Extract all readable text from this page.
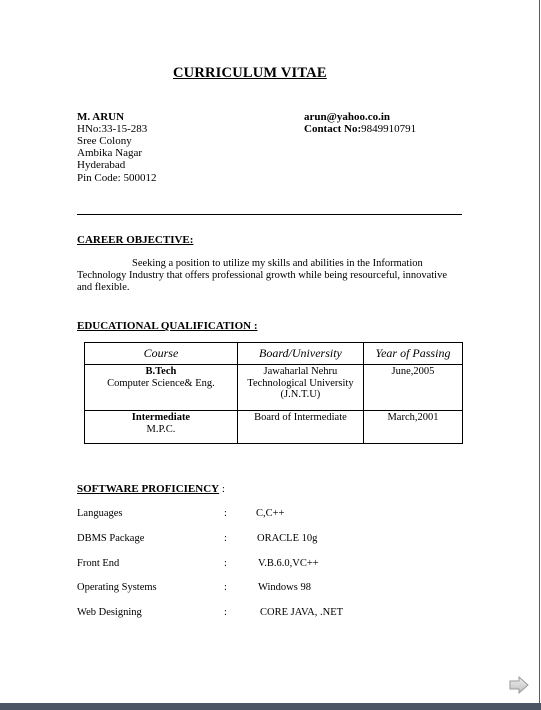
CURRICULUM VITAE
M. ARUN
HNo:33-15-283
Sree Colony
Ambika Nagar
Hyderabad
Pin Code: 500012
arun@yahoo.co.in
Contact No:9849910791
CAREER OBJECTIVE:
Seeking a position to utilize my skills and abilities in the Information Technology Industry that offers professional growth while being resourceful, innovative and flexible.
EDUCATIONAL QUALIFICATION :
Course	Board/University	Year of Passing

B.Tech
Computer Science& Eng.	Jawaharlal Nehru Technological University (J.N.T.U)	June,2005

Intermediate
M.P.C.	Board of Intermediate	March,2001
SOFTWARE PROFICIENCY :
Languages	:	C,C++
DBMS Package	:	ORACLE 10g
Front End	:	V.B.6.0,VC++
Operating Systems	:	Windows 98
Web Designing	:	CORE JAVA, .NET
